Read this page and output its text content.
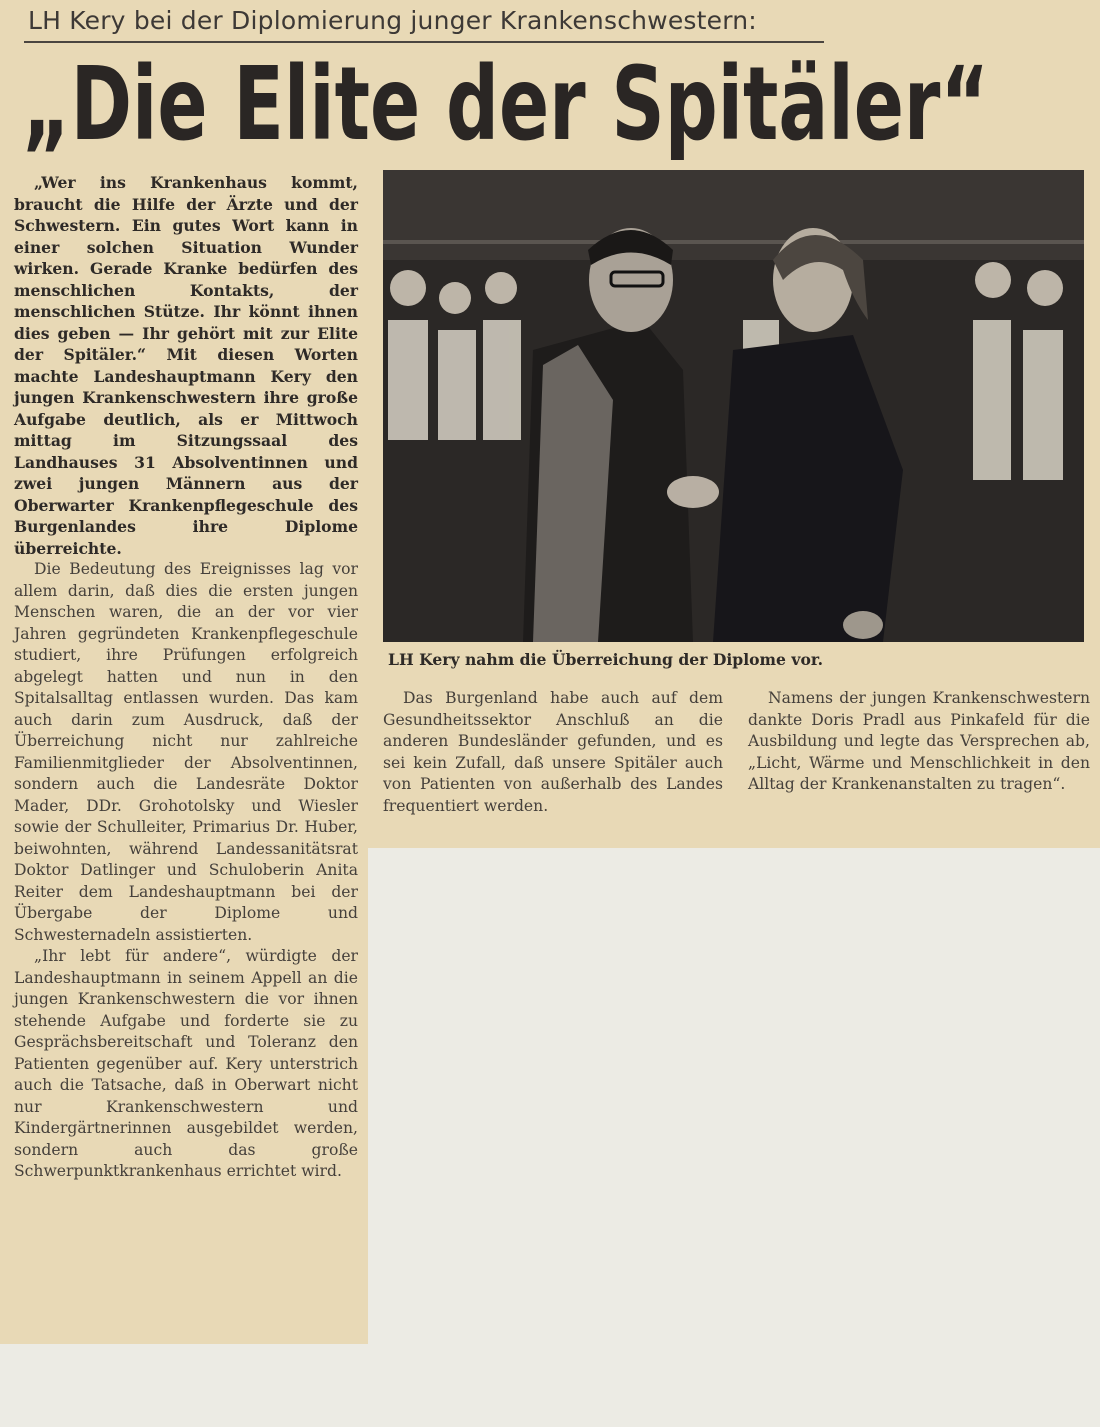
LH Kery bei der Diplomierung junger Krankenschwestern:
„Die Elite der Spitäler“

„Wer ins Krankenhaus kommt, braucht die Hilfe der Ärzte und der Schwestern. Ein gutes Wort kann in einer solchen Situation Wunder wirken. Gerade Kranke bedürfen des menschlichen Kontakts, der menschlichen Stütze. Ihr könnt ihnen dies geben — Ihr gehört mit zur Elite der Spitäler.“ Mit diesen Worten machte Landeshauptmann Kery den jungen Krankenschwestern ihre große Aufgabe deutlich, als er Mittwoch mittag im Sitzungssaal des Landhauses 31 Absolventinnen und zwei jungen Männern aus der Oberwarter Krankenpflegeschule des Burgenlandes ihre Diplome überreichte.

Die Bedeutung des Ereignisses lag vor allem darin, daß dies die ersten jungen Menschen waren, die an der vor vier Jahren gegründeten Krankenpflegeschule studiert, ihre Prüfungen erfolgreich abgelegt hatten und nun in den Spitalsalltag entlassen wurden. Das kam auch darin zum Ausdruck, daß der Überreichung nicht nur zahlreiche Familienmitglieder der Absolventinnen, sondern auch die Landesräte Doktor Mader, DDr. Grohotolsky und Wiesler sowie der Schulleiter, Primarius Dr. Huber, beiwohnten, während Landessanitätsrat Doktor Datlinger und Schuloberin Anita Reiter dem Landeshauptmann bei der Übergabe der Diplome und Schwesternadeln assistierten.

„Ihr lebt für andere“, würdigte der Landeshauptmann in seinem Appell an die jungen Krankenschwestern die vor ihnen stehende Aufgabe und forderte sie zu Gesprächsbereitschaft und Toleranz den Patienten gegenüber auf. Kery unterstrich auch die Tatsache, daß in Oberwart nicht nur Krankenschwestern und Kindergärtnerinnen ausgebildet werden, sondern auch das große Schwerpunktkrankenhaus errichtet wird.

LH Kery nahm die Überreichung der Diplome vor.

Das Burgenland habe auch auf dem Gesundheitssektor Anschluß an die anderen Bundesländer gefunden, und es sei kein Zufall, daß unsere Spitäler auch von Patienten von außerhalb des Landes frequentiert werden.

Namens der jungen Krankenschwestern dankte Doris Pradl aus Pinkafeld für die Ausbildung und legte das Versprechen ab, „Licht, Wärme und Menschlichkeit in den Alltag der Krankenanstalten zu tragen“.
